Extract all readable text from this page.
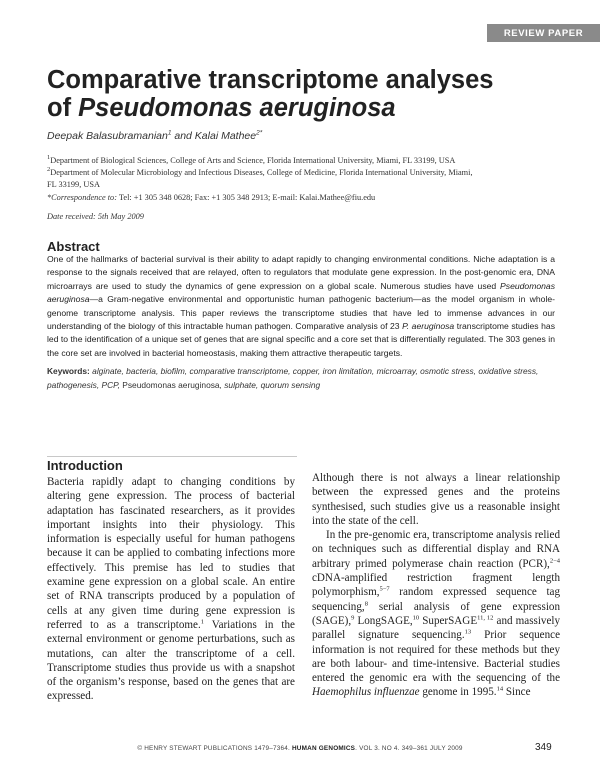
REVIEW PAPER
Comparative transcriptome analyses
of Pseudomonas aeruginosa
Deepak Balasubramanian$^1$ and Kalai Mathee$^{2*}$
$^1$Department of Biological Sciences, College of Arts and Science, Florida International University, Miami, FL 33199, USA
$^2$Department of Molecular Microbiology and Infectious Diseases, College of Medicine, Florida International University, Miami,
FL 33199, USA
*Correspondence to: Tel: +1 305 348 0628; Fax: +1 305 348 2913; E-mail: Kalai.Mathee@fiu.edu
Date received: 5th May 2009
Abstract
One of the hallmarks of bacterial survival is their ability to adapt rapidly to changing environmental conditions. Niche adaptation is a response to the signals received that are relayed, often to regulators that modulate gene expression. In the post-genomic era, DNA microarrays are used to study the dynamics of gene expression on a global scale. Numerous studies have used Pseudomonas aeruginosa—a Gram-negative environmental and opportunistic human pathogenic bacterium—as the model organism in whole-genome transcriptome analysis. This paper reviews the transcriptome studies that have led to immense advances in our understanding of the biology of this intractable human pathogen. Comparative analysis of 23 P. aeruginosa transcriptome studies has led to the identification of a unique set of genes that are signal specific and a core set that is differentially regulated. The 303 genes in the core set are involved in bacterial homeostasis, making them attractive therapeutic targets.
Keywords: alginate, bacteria, biofilm, comparative transcriptome, copper, iron limitation, microarray, osmotic stress, oxidative stress, pathogenesis, PCP, Pseudomonas aeruginosa, sulphate, quorum sensing
Introduction

Bacteria rapidly adapt to changing conditions by altering gene expression. The process of bacterial adaptation has fascinated researchers, as it provides important insights into their physiology. This information is especially useful for human pathogens because it can be applied to combating infections more effectively. This premise has led to studies that examine gene expression on a global scale. An entire set of RNA transcripts produced by a population of cells at any given time during gene expression is referred to as a transcriptome.$^1$ Variations in the external environment or genome perturbations, such as mutations, can alter the transcriptome of a cell. Transcriptome studies thus provide us with a snapshot of the organism’s response, based on the genes that are expressed.

Although there is not always a linear relationship between the expressed genes and the proteins synthesised, such studies give us a reasonable insight into the state of the cell.

In the pre-genomic era, transcriptome analysis relied on techniques such as differential display and RNA arbitrary primed polymerase chain reaction (PCR),$^{2-4}$ cDNA-amplified restriction fragment length polymorphism,$^{5-7}$ random expressed sequence tag sequencing,$^8$ serial analysis of gene expression (SAGE),$^9$ LongSAGE,$^{10}$ SuperSAGE$^{11, 12}$ and massively parallel signature sequencing.$^{13}$ Prior sequence information is not required for these methods but they are both labour- and time-intensive. Bacterial studies entered the genomic era with the sequencing of the Haemophilus influenzae genome in 1995.14 Since

© HENRY STEWART PUBLICATIONS 1479–7364. HUMAN GENOMICS. VOL 3. NO 4. 349–361 JULY 2009	349
